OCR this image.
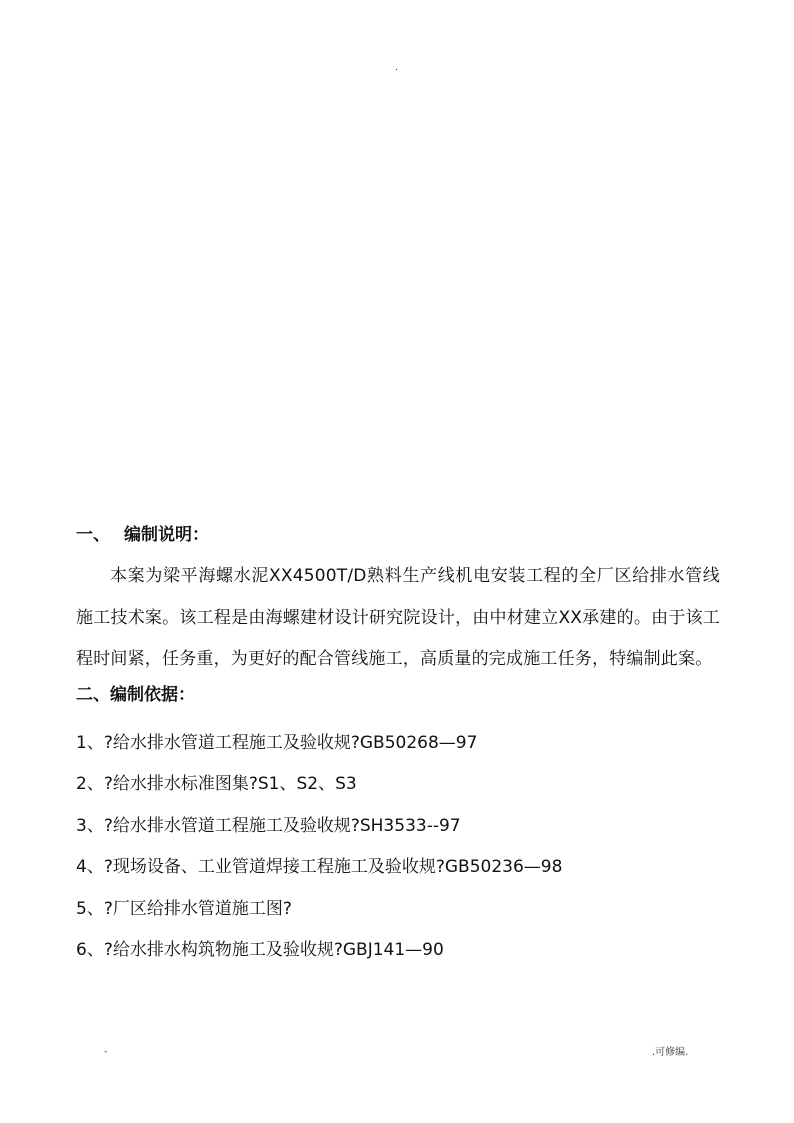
.
一、 编制说明：

本案为梁平海螺水泥XX4500T/D熟料生产线机电安装工程的全厂区给排水管线施工技术案。该工程是由海螺建材设计研究院设计，由中材建立XX承建的。由于该工程时间紧，任务重，为更好的配合管线施工，高质量的完成施工任务，特编制此案。

二、编制依据：
1、?给水排水管道工程施工及验收规?GB50268—97
2、?给水排水标准图集?S1、S2、S3
3、?给水排水管道工程施工及验收规?SH3533--97
4、?现场设备、工业管道焊接工程施工及验收规?GB50236—98
5、?厂区给排水管道施工图?
6、?给水排水构筑物施工及验收规?GBJ141—90
-	.可修编.
